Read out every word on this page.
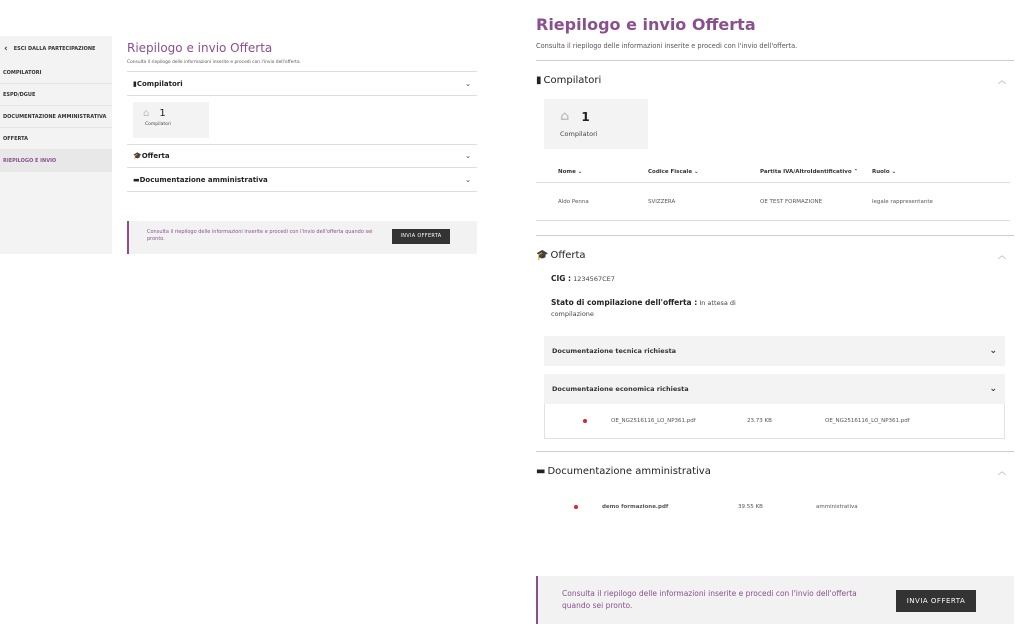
‹ ESCI DALLA PARTECIPAZIONE
COMPILATORI
ESPD/DGUE
DOCUMENTAZIONE AMMINISTRATIVA
OFFERTA
RIEPILOGO E INVIO
Riepilogo e invio Offerta
Consulta il riepilogo delle informazioni inserite e procedi con l'invio dell'offerta.
▮Compilatori	⌄
⌂ 1
Compilatori
🎓Offerta	⌄
▬Documentazione amministrativa	⌄
Consulta il riepilogo delle informazioni inserite e procedi con l'invio dell'offerta quando sei pronto.	INVIA OFFERTA
Riepilogo e invio Offerta
Consulta il riepilogo delle informazioni inserite e procedi con l'invio dell'offerta.
▮ Compilatori	︿
⌂ 1
Compilatori
Nome ⌄	Codice Fiscale ⌄	Partita IVA/AltroIdentificativo ⌃	Ruolo ⌄
Aldo Penna	SVIZZERA	OE TEST FORMAZIONE	legale rappresentante
🎓 Offerta	︿
CIG : 1234567CE7
Stato di compilazione dell'offerta : In attesa di compilazione
Documentazione tecnica richiesta	⌄
Documentazione economica richiesta	⌄
OE_NG2516116_LO_NP361.pdf	23.73 KB	OE_NG2516116_LO_NP361.pdf
▬ Documentazione amministrativa	︿
demo formazione.pdf	39.55 KB	amministrativa
Consulta il riepilogo delle informazioni inserite e procedi con l'invio dell'offerta quando sei pronto.	INVIA OFFERTA
